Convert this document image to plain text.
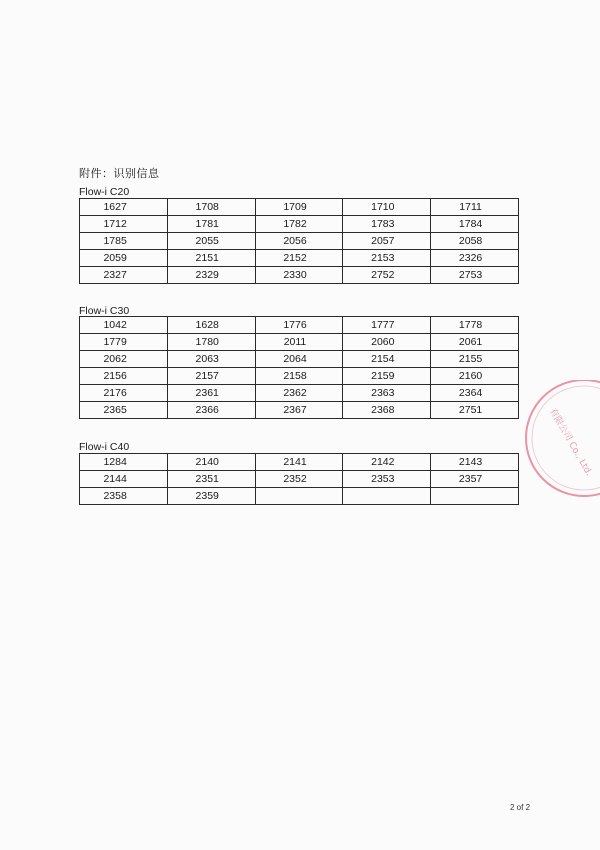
附件：识别信息
Flow-i C20
1627	1708	1709	1710	1711
1712	1781	1782	1783	1784
1785	2055	2056	2057	2058
2059	2151	2152	2153	2326
2327	2329	2330	2752	2753
Flow-i C30
1042	1628	1776	1777	1778
1779	1780	2011	2060	2061
2062	2063	2064	2154	2155
2156	2157	2158	2159	2160
2176	2361	2362	2363	2364
2365	2366	2367	2368	2751
Flow-i C40
1284	2140	2141	2142	2143
2144	2351	2352	2353	2357
2358	2359			
有限公司 Co., Ltd.
2 of 2
